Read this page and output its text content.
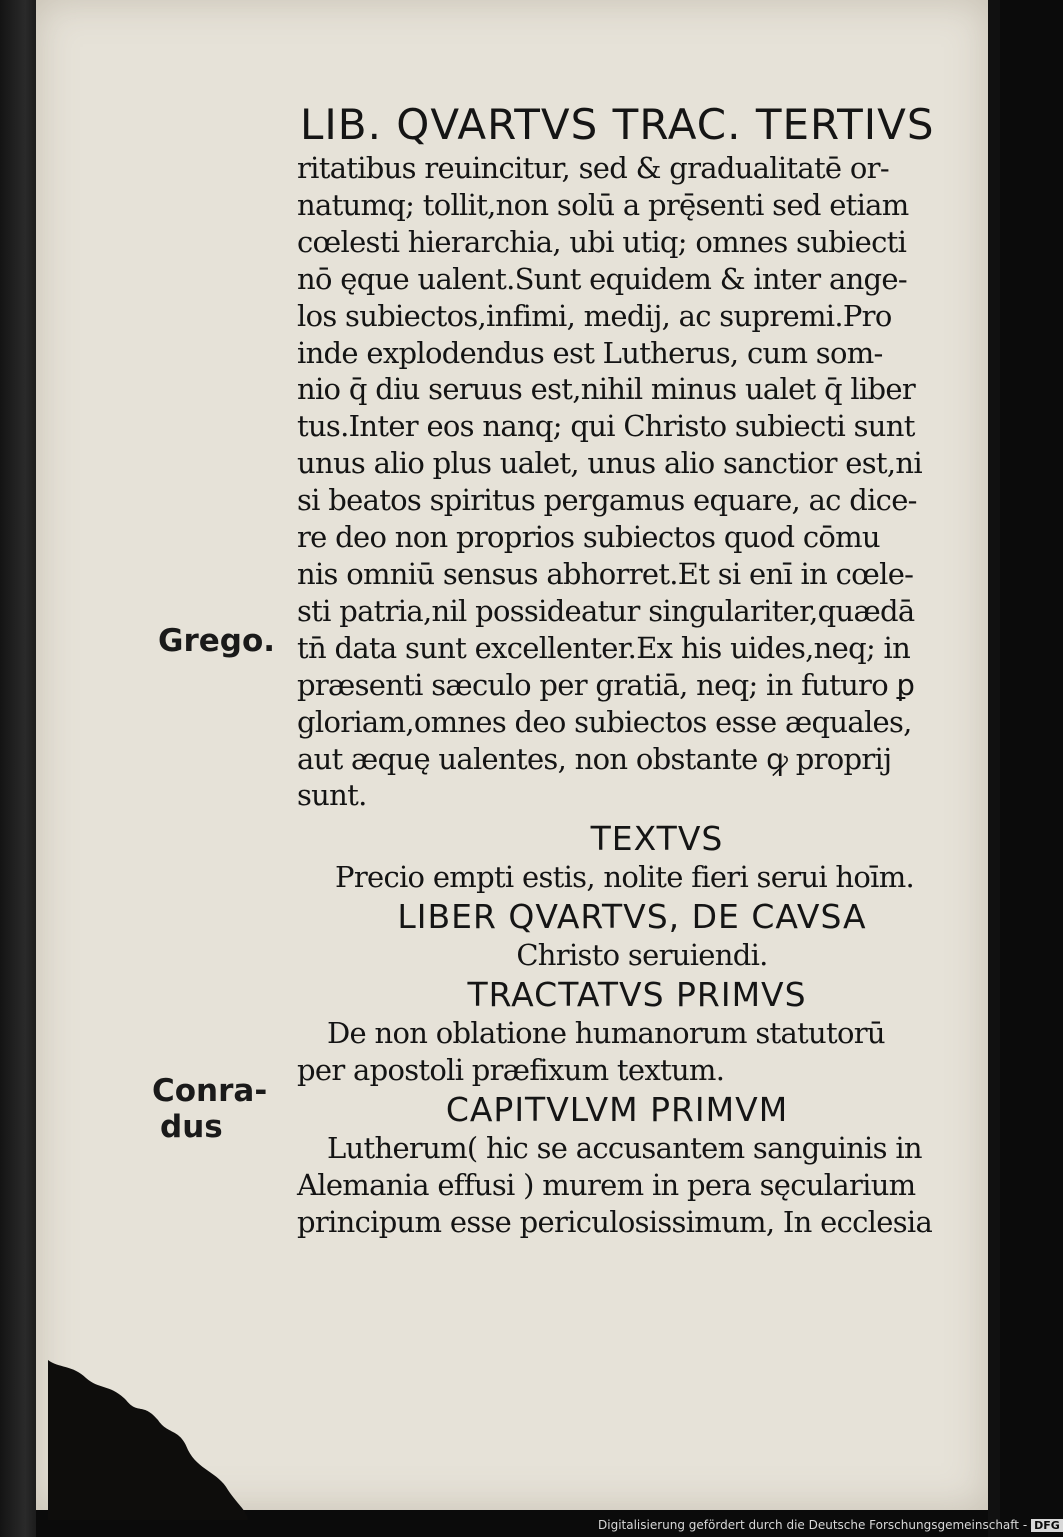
LIB. QVARTVS TRAC. TERTIVS
Grego.
Conra-
dus
ritatibus reuincitur, sed & gradualitatē or-
natumq; tollit,non solū a prę̄senti sed etiam
cœlesti hierarchia, ubi utiq; omnes subiecti
nō ęque ualent.Sunt equidem & inter ange-
los subiectos,infimi, medij, ac supremi.Pro
inde explodendus est Lutherus, cum som-
nio q̄ diu seruus est,nihil minus ualet q̄ liber
tus.Inter eos nanq; qui Christo subiecti sunt
unus alio plus ualet, unus alio sanctior est,ni
si beatos spiritus pergamus equare, ac dice-
re deo non proprios subiectos quod cōmu
nis omniū sensus abhorret.Et si enī in cœle-
sti patria,nil possideatur singulariter,quædā
tn̄ data sunt excellenter.Ex his uides,neq; in
præsenti sæculo per gratiā, neq; in futuro ꝑ
gloriam,omnes deo subiectos esse æquales,
aut æquę ualentes, non obstante ꝙ proprij
sunt.
TEXTVS
Precio empti estis, nolite fieri serui hoīm.
LIBER QVARTVS, DE CAVSA
Christo seruiendi.
TRACTATVS PRIMVS
De non oblatione humanorum statutorū
per apostoli præfixum textum.
CAPITVLVM PRIMVM
Lutherum( hic se accusantem sanguinis in
Alemania effusi ) murem in pera sęcularium
principum esse periculosissimum, In ecclesia
Digitalisierung gefördert durch die Deutsche Forschungsgemeinschaft - DFG
